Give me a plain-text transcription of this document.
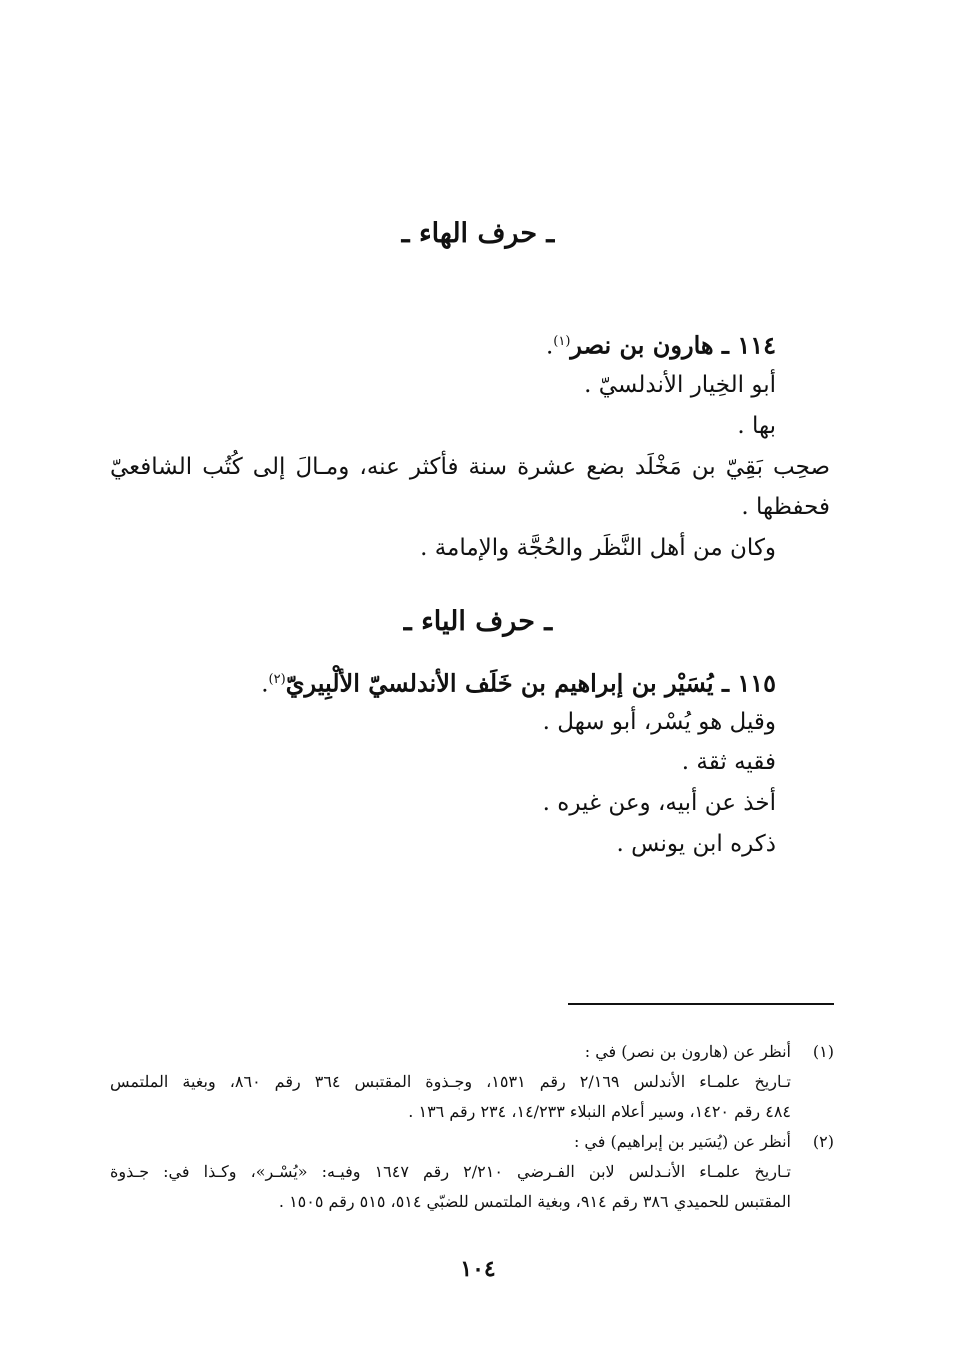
ـ حرف الهاء ـ

١١٤ ـ هارون بن نصر$^{(١)}$.

أبو الخِيار الأندلسيّ .

بها .

صحِب بَقِيّ بن مَخْلَد بضع عشرة سنة فأكثر عنه، ومـالَ إلى كُتُب الشافعيّ

فحفظها .

وكان من أهل النَّظَر والحُجَّة والإمامة .

ـ حرف الياء ـ

١١٥ ـ يُسَيْر بن إبراهيم بن خَلَف الأندلسيّ الألْبِيريّ$^{(٢)}$.

وقيل هو يُسْر، أبو سهل .

فقيه ثقة .

أخذ عن أبيه، وعن غيره .

ذكره ابن يونس .

(١)
أنظر عن (هارون بن نصر) في :
تـاريخ علمـاء الأندلس ٢/١٦٩ رقم ١٥٣١، وجـذوة المقتبس ٣٦٤ رقم ٨٦٠، وبغية الملتمس
٤٨٤ رقم ١٤٢٠، وسير أعلام النبلاء ١٤/٢٣٣، ٢٣٤ رقم ١٣٦ .
(٢)
أنظر عن (يُسَير بن إبراهيم) في :
تـاريخ علمـاء الأنـدلس لابن الفـرضي ٢/٢١٠ رقم ١٦٤٧ وفيـه: «يُسْـر»، وكـذا في: جـذوة
المقتبس للحميدي ٣٨٦ رقم ٩١٤، وبغية الملتمس للضبّي ٥١٤، ٥١٥ رقم ١٥٠٥ .
١٠٤
